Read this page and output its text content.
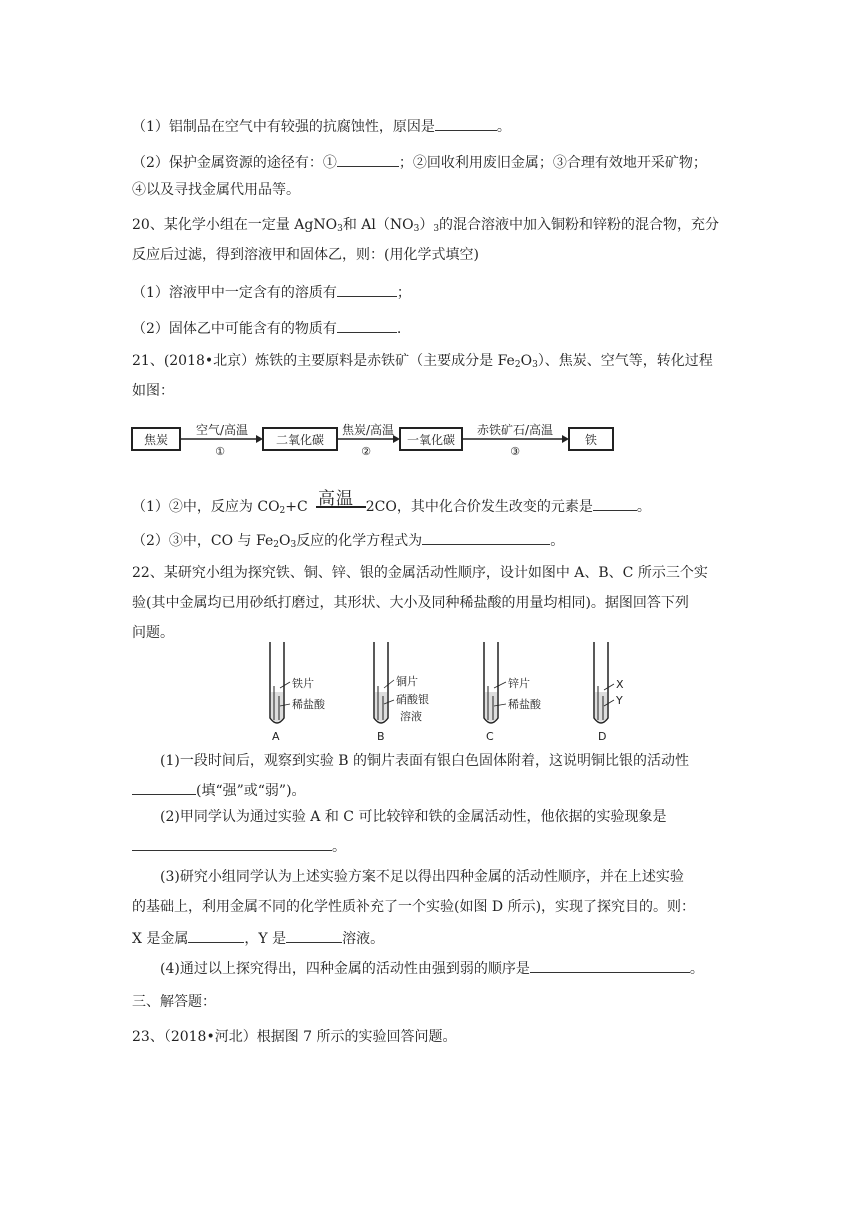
（1）铝制品在空气中有较强的抗腐蚀性，原因是	。
（2）保护金属资源的途径有：①	；②回收利用废旧金属；③合理有效地开采矿物；
④以及寻找金属代用品等。
20、某化学小组在一定量 AgNO$_3$和 $Al(NO_3)_3$的混合溶液中加入铜粉和锌粉的混合物，充分
反应后过滤，得到溶液甲和固体乙，则：(用化学式填空)
（1）溶液甲中一定含有的溶质有	；
（2）固体乙中可能含有的物质有	.
21、(2018•北京）炼铁的主要原料是赤铁矿（主要成分是 $Fe_2O_3$）、焦炭、空气等，转化过程
如图：
焦炭
空气/高温
①
二氧化碳
焦炭/高温
②
一氧化碳
赤铁矿石/高温
③
铁
高温
（1）②中，反应为 $CO_2+C$	2CO，其中化合价发生改变的元素是	。
（2）③中，CO 与 $Fe_2O_3$反应的化学方程式为	。
22、某研究小组为探究铁、铜、锌、银的金属活动性顺序，设计如图中 A、B、C 所示三个实
验(其中金属均已用砂纸打磨过，其形状、大小及同种稀盐酸的用量均相同)。据图回答下列
问题。
铁片
稀盐酸
A
铜片
硝酸银
溶液
B
锌片
稀盐酸
C
X
Y
D
(1)一段时间后，观察到实验 B 的铜片表面有银白色固体附着，这说明铜比银的活动性
(填“强”或“弱”)。
(2)甲同学认为通过实验 A 和 C 可比较锌和铁的金属活动性，他依据的实验现象是
。
(3)研究小组同学认为上述实验方案不足以得出四种金属的活动性顺序，并在上述实验
的基础上，利用金属不同的化学性质补充了一个实验(如图 D 所示)，实现了探究目的。则：
X 是金属	，Y 是	溶液。
(4)通过以上探究得出，四种金属的活动性由强到弱的顺序是	。
三、解答题：
23、（2018•河北）根据图 7 所示的实验回答问题。
